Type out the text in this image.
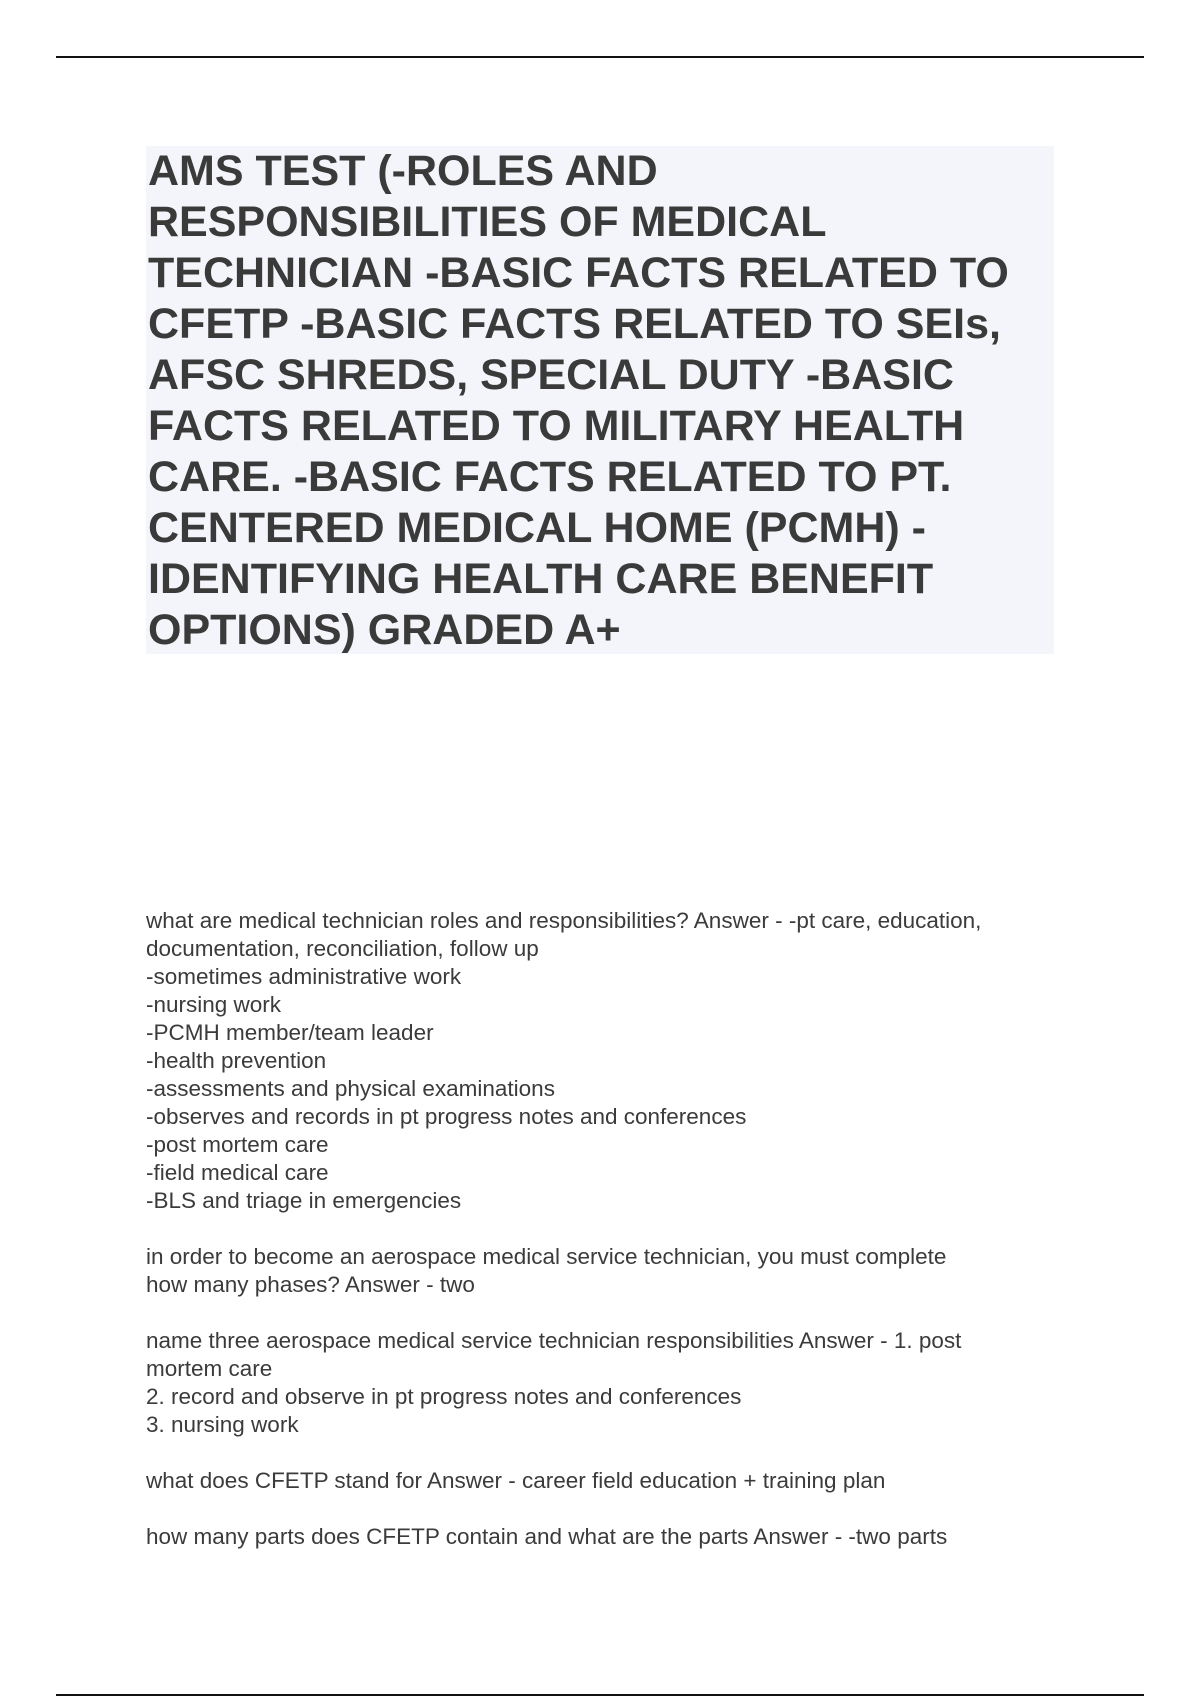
AMS TEST (-ROLES AND
RESPONSIBILITIES OF MEDICAL
TECHNICIAN -BASIC FACTS RELATED TO
CFETP -BASIC FACTS RELATED TO SEIs,
AFSC SHREDS, SPECIAL DUTY -BASIC
FACTS RELATED TO MILITARY HEALTH
CARE. -BASIC FACTS RELATED TO PT.
CENTERED MEDICAL HOME (PCMH) -
IDENTIFYING HEALTH CARE BENEFIT
OPTIONS) GRADED A+

what are medical technician roles and responsibilities? Answer - -pt care, education,
documentation, reconciliation, follow up
-sometimes administrative work
-nursing work
-PCMH member/team leader
-health prevention
-assessments and physical examinations
-observes and records in pt progress notes and conferences
-post mortem care
-field medical care
-BLS and triage in emergencies

in order to become an aerospace medical service technician, you must complete
how many phases? Answer - two

name three aerospace medical service technician responsibilities Answer - 1. post
mortem care
2. record and observe in pt progress notes and conferences
3. nursing work

what does CFETP stand for Answer - career field education + training plan

how many parts does CFETP contain and what are the parts Answer - -two parts
